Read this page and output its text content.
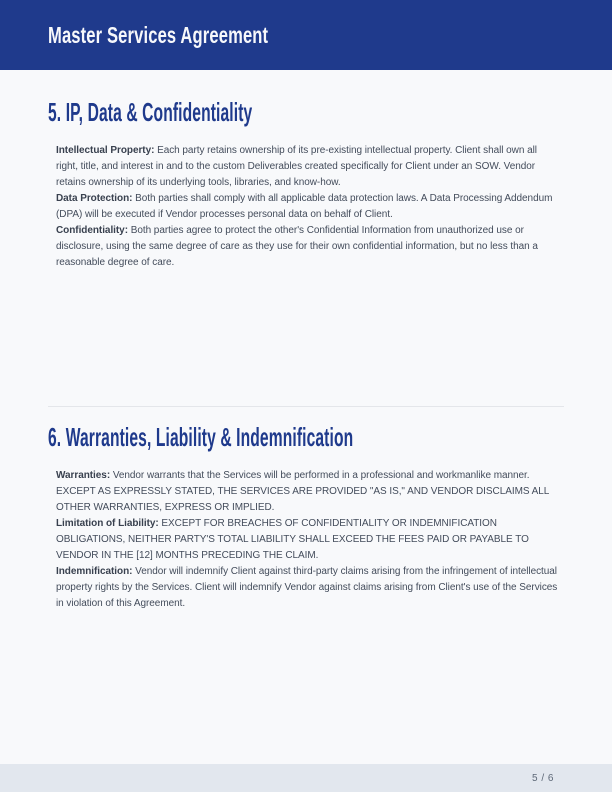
Master Services Agreement
5. IP, Data & Confidentiality

Intellectual Property: Each party retains ownership of its pre-existing intellectual property. Client shall own all right, title, and interest in and to the custom Deliverables created specifically for Client under an SOW. Vendor retains ownership of its underlying tools, libraries, and know-how.

Data Protection: Both parties shall comply with all applicable data protection laws. A Data Processing Addendum (DPA) will be executed if Vendor processes personal data on behalf of Client.

Confidentiality: Both parties agree to protect the other's Confidential Information from unauthorized use or disclosure, using the same degree of care as they use for their own confidential information, but no less than a reasonable degree of care.

6. Warranties, Liability & Indemnification

Warranties: Vendor warrants that the Services will be performed in a professional and workmanlike manner. EXCEPT AS EXPRESSLY STATED, THE SERVICES ARE PROVIDED "AS IS," AND VENDOR DISCLAIMS ALL OTHER WARRANTIES, EXPRESS OR IMPLIED.

Limitation of Liability: EXCEPT FOR BREACHES OF CONFIDENTIALITY OR INDEMNIFICATION OBLIGATIONS, NEITHER PARTY'S TOTAL LIABILITY SHALL EXCEED THE FEES PAID OR PAYABLE TO VENDOR IN THE [12] MONTHS PRECEDING THE CLAIM.

Indemnification: Vendor will indemnify Client against third-party claims arising from the infringement of intellectual property rights by the Services. Client will indemnify Vendor against claims arising from Client's use of the Services in violation of this Agreement.

5 / 6
